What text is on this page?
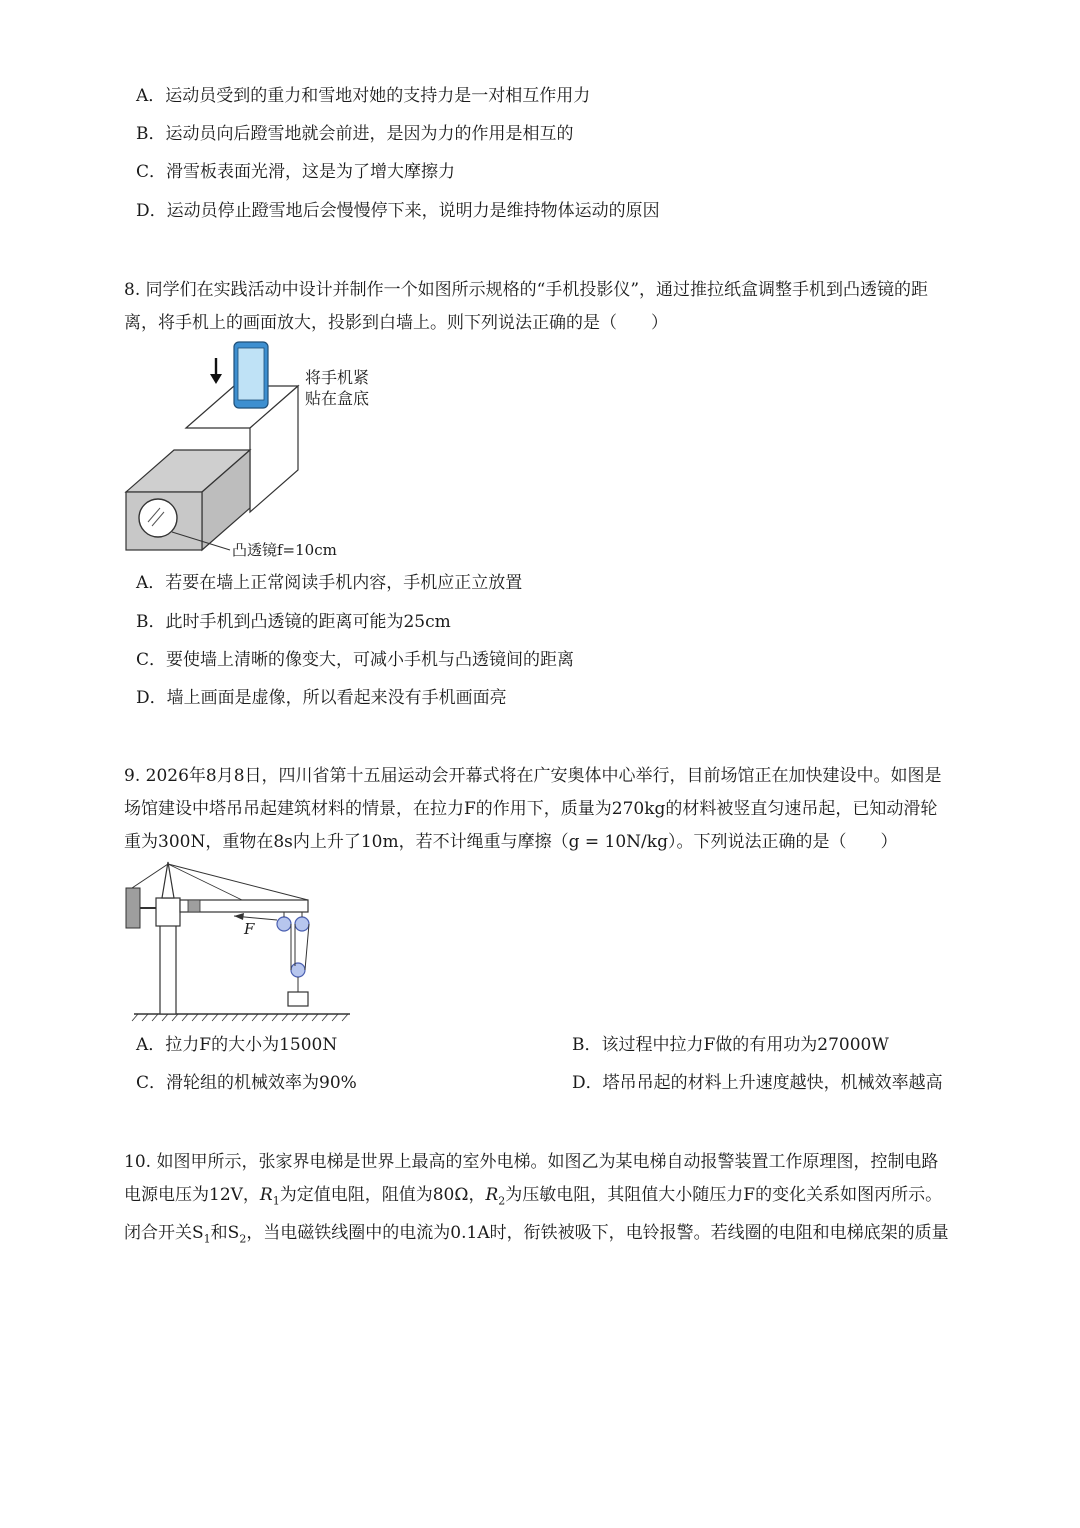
A．运动员受到的重力和雪地对她的支持力是一对相互作用力
B．运动员向后蹬雪地就会前进，是因为力的作用是相互的
C．滑雪板表面光滑，这是为了增大摩擦力
D．运动员停止蹬雪地后会慢慢停下来，说明力是维持物体运动的原因
8. 同学们在实践活动中设计并制作一个如图所示规格的“手机投影仪”，通过推拉纸盒调整手机到凸透镜的距
离，将手机上的画面放大，投影到白墙上。则下列说法正确的是（　　）
将手机紧
贴在盒底
凸透镜f=10cm
A．若要在墙上正常阅读手机内容，手机应正立放置
B．此时手机到凸透镜的距离可能为25cm
C．要使墙上清晰的像变大，可减小手机与凸透镜间的距离
D．墙上画面是虚像，所以看起来没有手机画面亮
9. 2026年8月8日，四川省第十五届运动会开幕式将在广安奥体中心举行，目前场馆正在加快建设中。如图是
场馆建设中塔吊吊起建筑材料的情景，在拉力F的作用下，质量为270kg的材料被竖直匀速吊起，已知动滑轮
重为300N，重物在8s内上升了10m，若不计绳重与摩擦（g = 10N/kg）。下列说法正确的是（　　）
F
A．拉力F的大小为1500N	B．该过程中拉力F做的有用功为27000W
C．滑轮组的机械效率为90%	D．塔吊吊起的材料上升速度越快，机械效率越高
10. 如图甲所示，张家界电梯是世界上最高的室外电梯。如图乙为某电梯自动报警装置工作原理图，控制电路
电源电压为12V，$R_1$为定值电阻，阻值为80Ω，$R_2$为压敏电阻，其阻值大小随压力F的变化关系如图丙所示。
闭合开关$S_1$和$S_2$，当电磁铁线圈中的电流为0.1A时，衔铁被吸下，电铃报警。若线圈的电阻和电梯底架的质量
